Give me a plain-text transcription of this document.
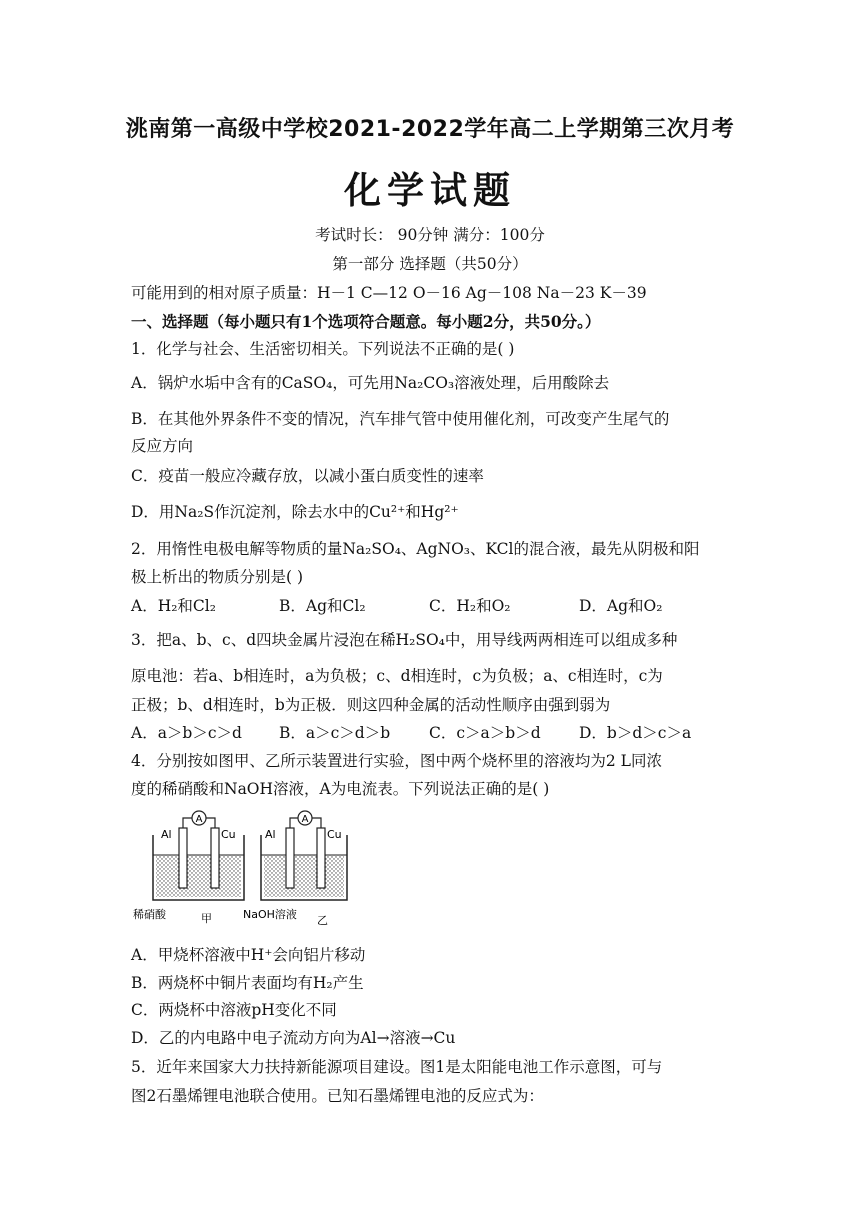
洮南第一高级中学校2021-2022学年高二上学期第三次月考
化学试题
考试时长： 90分钟 满分：100分
第一部分 选择题（共50分）
可能用到的相对原子质量：H－1 C—12 O－16 Ag－108 Na－23 K－39
一、选择题（每小题只有1个选项符合题意。每小题2分，共50分。）
1．化学与社会、生活密切相关。下列说法不正确的是( )
A．锅炉水垢中含有的CaSO₄，可先用Na₂CO₃溶液处理，后用酸除去
B．在其他外界条件不变的情况，汽车排气管中使用催化剂，可改变产生尾气的
反应方向
C．疫苗一般应冷藏存放，以减小蛋白质变性的速率
D．用Na₂S作沉淀剂，除去水中的Cu²⁺和Hg²⁺
2．用惰性电极电解等物质的量Na₂SO₄、AgNO₃、KCl的混合液，最先从阴极和阳
极上析出的物质分别是( )
A．H₂和Cl₂	B．Ag和Cl₂	C．H₂和O₂	D．Ag和O₂
3．把a、b、c、d四块金属片浸泡在稀H₂SO₄中，用导线两两相连可以组成多种
原电池：若a、b相连时，a为负极；c、d相连时，c为负极；a、c相连时，c为
正极；b、d相连时，b为正极．则这四种金属的活动性顺序由强到弱为
A．a＞b＞c＞d B．a＞c＞d＞b	C．c＞a＞b＞d D．b＞d＞c＞a
4．分别按如图甲、乙所示装置进行实验，图中两个烧杯里的溶液均为2 L同浓
度的稀硝酸和NaOH溶液，A为电流表。下列说法正确的是( )
A
Al	Cu
稀硝酸	甲
A
Al	Cu
NaOH溶液 乙
A．甲烧杯溶液中H⁺会向铝片移动
B．两烧杯中铜片表面均有H₂产生
C．两烧杯中溶液pH变化不同
D．乙的内电路中电子流动方向为Al→溶液→Cu
5．近年来国家大力扶持新能源项目建设。图1是太阳能电池工作示意图，可与
图2石墨烯锂电池联合使用。已知石墨烯锂电池的反应式为：
